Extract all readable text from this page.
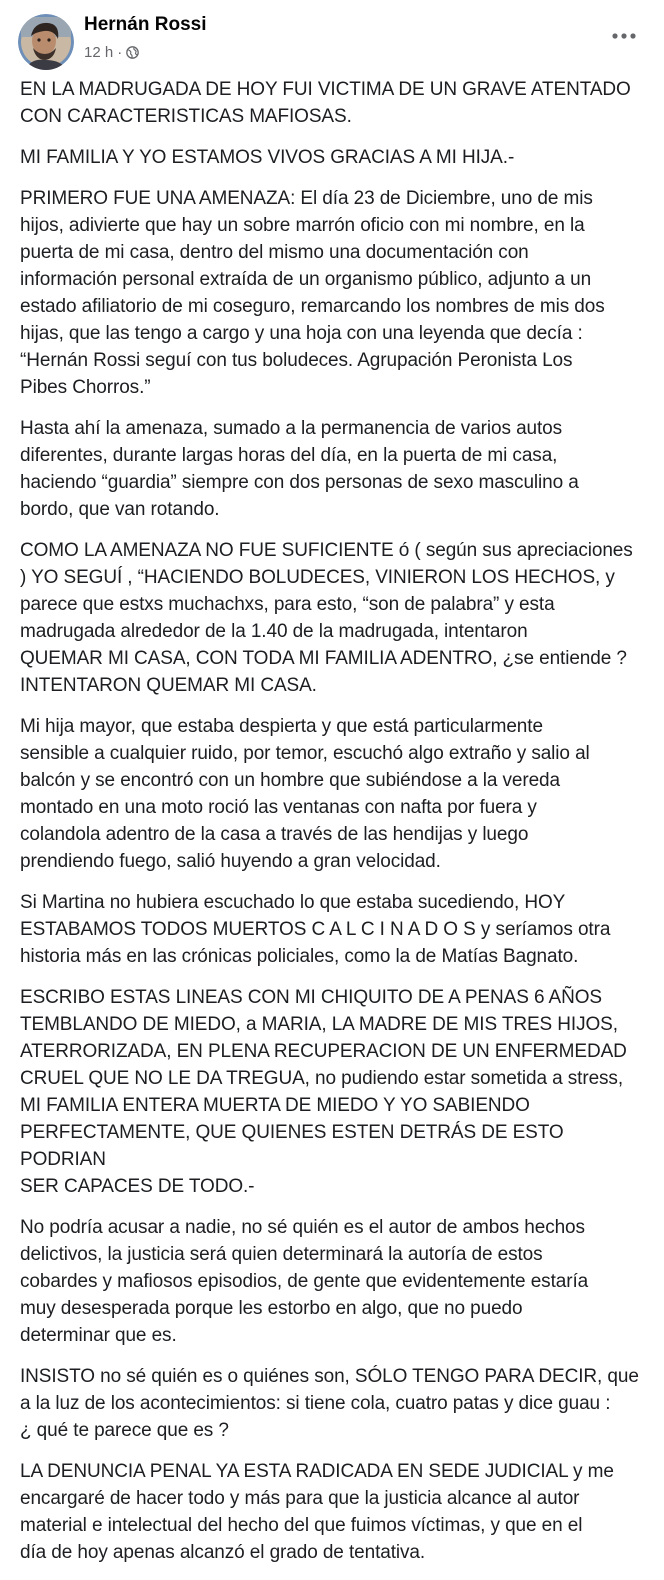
Hernán Rossi
12 h ·

EN LA MADRUGADA DE HOY FUI VICTIMA DE UN GRAVE ATENTADO
CON CARACTERISTICAS MAFIOSAS.

MI FAMILIA Y YO ESTAMOS VIVOS GRACIAS A MI HIJA.-

PRIMERO FUE UNA AMENAZA: El día 23 de Diciembre, uno de mis
hijos, adivierte que hay un sobre marrón oficio con mi nombre, en la
puerta de mi casa, dentro del mismo una documentación con
información personal extraída de un organismo público, adjunto a un
estado afiliatorio de mi coseguro, remarcando los nombres de mis dos
hijas, que las tengo a cargo y una hoja con una leyenda que decía :
“Hernán Rossi seguí con tus boludeces. Agrupación Peronista Los
Pibes Chorros.”

Hasta ahí la amenaza, sumado a la permanencia de varios autos
diferentes, durante largas horas del día, en la puerta de mi casa,
haciendo “guardia” siempre con dos personas de sexo masculino a
bordo, que van rotando.

COMO LA AMENAZA NO FUE SUFICIENTE ó ( según sus apreciaciones
) YO SEGUÍ , “HACIENDO BOLUDECES, VINIERON LOS HECHOS, y
parece que estxs muchachxs, para esto, “son de palabra” y esta
madrugada alrededor de la 1.40 de la madrugada, intentaron
QUEMAR MI CASA, CON TODA MI FAMILIA ADENTRO, ¿se entiende ?
INTENTARON QUEMAR MI CASA.

Mi hija mayor, que estaba despierta y que está particularmente
sensible a cualquier ruido, por temor, escuchó algo extraño y salio al
balcón y se encontró con un hombre que subiéndose a la vereda
montado en una moto roció las ventanas con nafta por fuera y
colandola adentro de la casa a través de las hendijas y luego
prendiendo fuego, salió huyendo a gran velocidad.

Si Martina no hubiera escuchado lo que estaba sucediendo, HOY
ESTABAMOS TODOS MUERTOS C A L C I N A D O S y seríamos otra
historia más en las crónicas policiales, como la de Matías Bagnato.

ESCRIBO ESTAS LINEAS CON MI CHIQUITO DE A PENAS 6 AÑOS
TEMBLANDO DE MIEDO, a MARIA, LA MADRE DE MIS TRES HIJOS,
ATERRORIZADA, EN PLENA RECUPERACION DE UN ENFERMEDAD
CRUEL QUE NO LE DA TREGUA, no pudiendo estar sometida a stress,
MI FAMILIA ENTERA MUERTA DE MIEDO Y YO SABIENDO
PERFECTAMENTE, QUE QUIENES ESTEN DETRÁS DE ESTO PODRIAN
SER CAPACES DE TODO.-

No podría acusar a nadie, no sé quién es el autor de ambos hechos
delictivos, la justicia será quien determinará la autoría de estos
cobardes y mafiosos episodios, de gente que evidentemente estaría
muy desesperada porque les estorbo en algo, que no puedo
determinar que es.

INSISTO no sé quién es o quiénes son, SÓLO TENGO PARA DECIR, que
a la luz de los acontecimientos: si tiene cola, cuatro patas y dice guau :
¿ qué te parece que es ?

LA DENUNCIA PENAL YA ESTA RADICADA EN SEDE JUDICIAL y me
encargaré de hacer todo y más para que la justicia alcance al autor
material e intelectual del hecho del que fuimos víctimas, y que en el
día de hoy apenas alcanzó el grado de tentativa.
